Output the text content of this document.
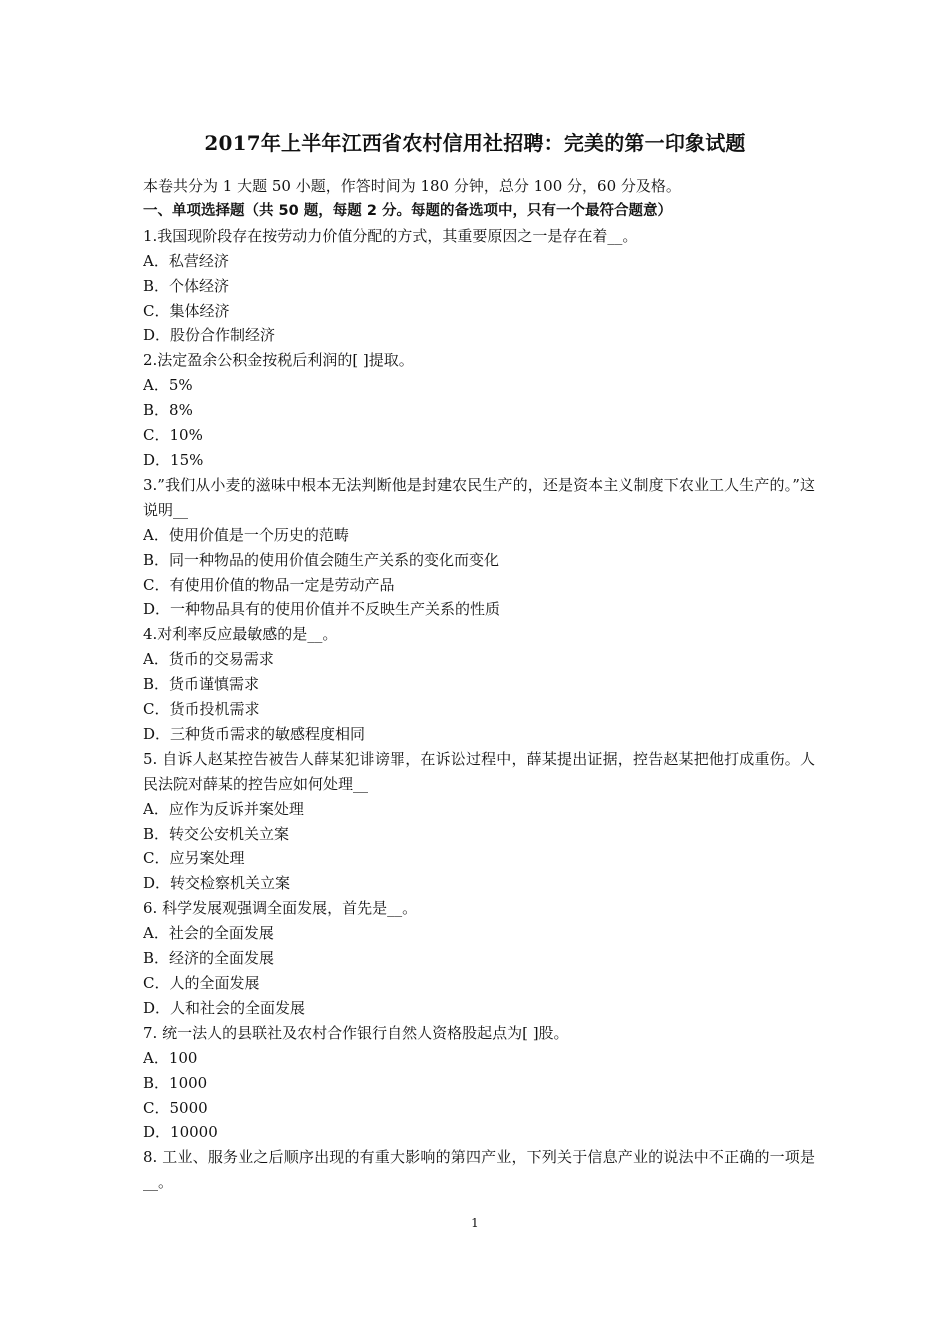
2017年上半年江西省农村信用社招聘：完美的第一印象试题
本卷共分为 1 大题 50 小题，作答时间为 180 分钟，总分 100 分，60 分及格。
一、单项选择题（共 50 题，每题 2 分。每题的备选项中，只有一个最符合题意）
1.我国现阶段存在按劳动力价值分配的方式，其重要原因之一是存在着__。
A．私营经济
B．个体经济
C．集体经济
D．股份合作制经济
2.法定盈余公积金按税后利润的[ ]提取。
A．5%
B．8%
C．10%
D．15%
3.”我们从小麦的滋味中根本无法判断他是封建农民生产的，还是资本主义制度下农业工人生产的。”这说明__
A．使用价值是一个历史的范畴
B．同一种物品的使用价值会随生产关系的变化而变化
C．有使用价值的物品一定是劳动产品
D．一种物品具有的使用价值并不反映生产关系的性质
4.对利率反应最敏感的是__。
A．货币的交易需求
B．货币谨慎需求
C．货币投机需求
D．三种货币需求的敏感程度相同
5. 自诉人赵某控告被告人薛某犯诽谤罪，在诉讼过程中，薛某提出证据，控告赵某把他打成重伤。人民法院对薛某的控告应如何处理__
A．应作为反诉并案处理
B．转交公安机关立案
C．应另案处理
D．转交检察机关立案
6. 科学发展观强调全面发展，首先是__。
A．社会的全面发展
B．经济的全面发展
C．人的全面发展
D．人和社会的全面发展
7. 统一法人的县联社及农村合作银行自然人资格股起点为[ ]股。
A．100
B．1000
C．5000
D．10000
8. 工业、服务业之后顺序出现的有重大影响的第四产业，下列关于信息产业的说法中不正确的一项是__。
1
